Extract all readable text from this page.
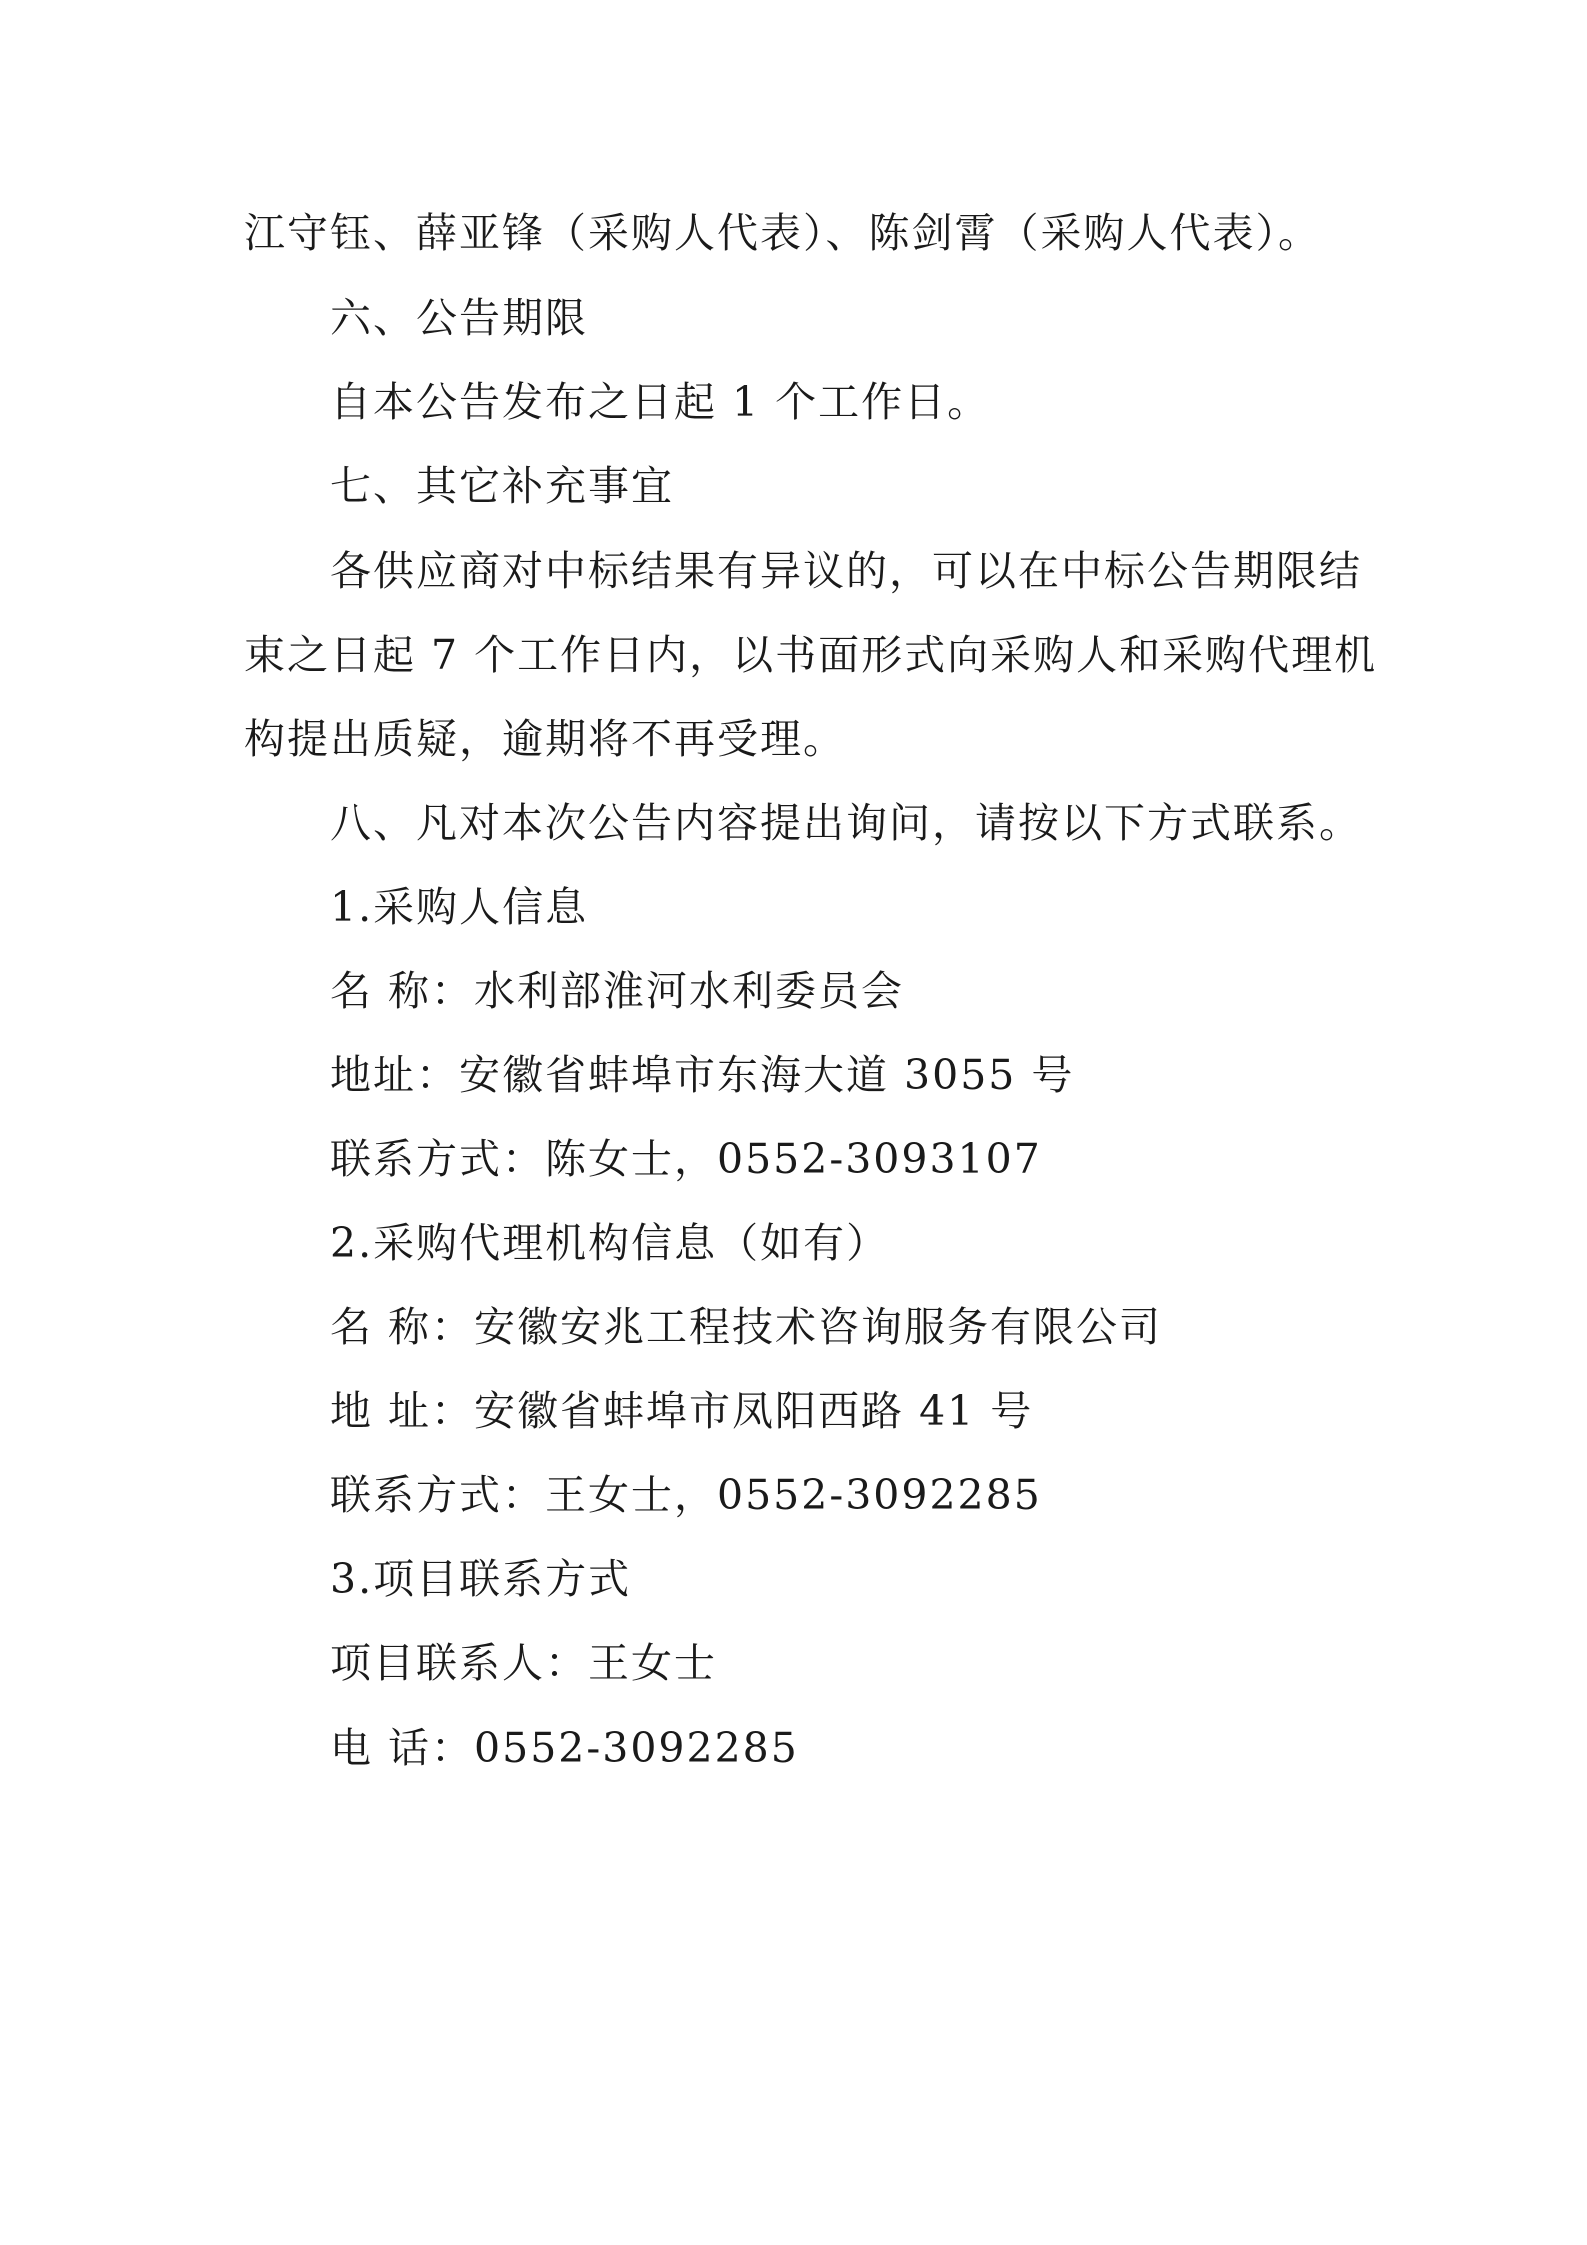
江守钰、薛亚锋（采购人代表）、陈剑霄（采购人代表）。
六、公告期限
自本公告发布之日起 1 个工作日。
七、其它补充事宜
各供应商对中标结果有异议的，可以在中标公告期限结
束之日起 7 个工作日内，以书面形式向采购人和采购代理机
构提出质疑，逾期将不再受理。
八、凡对本次公告内容提出询问，请按以下方式联系。
1.采购人信息
名 称：水利部淮河水利委员会
地址：安徽省蚌埠市东海大道 3055 号
联系方式：陈女士，0552-3093107
2.采购代理机构信息（如有）
名 称：安徽安兆工程技术咨询服务有限公司
地 址：安徽省蚌埠市凤阳西路 41 号
联系方式：王女士，0552-3092285
3.项目联系方式
项目联系人：王女士
电 话：0552-3092285
